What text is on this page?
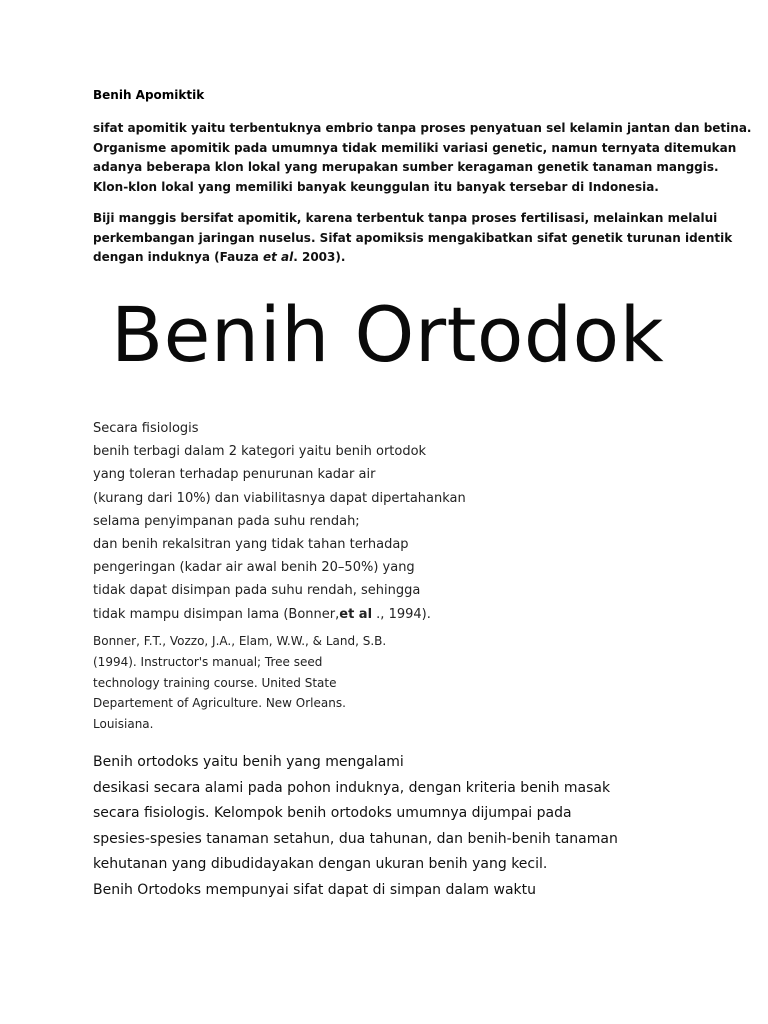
Benih Apomiktik

sifat apomitik yaitu terbentuknya embrio tanpa proses penyatuan sel kelamin jantan dan betina.

Organisme apomitik pada umumnya tidak memiliki variasi genetic, namun ternyata ditemukan

adanya beberapa klon lokal yang merupakan sumber keragaman genetik tanaman manggis.

Klon-klon lokal yang memiliki banyak keunggulan itu banyak tersebar di Indonesia.

Biji manggis bersifat apomitik, karena terbentuk tanpa proses fertilisasi, melainkan melalui

perkembangan jaringan nuselus. Sifat apomiksis mengakibatkan sifat genetik turunan identik

dengan induknya (Fauza et al. 2003).

Benih Ortodok

Secara fisiologis

benih terbagi dalam 2 kategori yaitu benih ortodok

yang toleran terhadap penurunan kadar air

(kurang dari 10%) dan viabilitasnya dapat dipertahankan

selama penyimpanan pada suhu rendah;

dan benih rekalsitran yang tidak tahan terhadap

pengeringan (kadar air awal benih 20–50%) yang

tidak dapat disimpan pada suhu rendah, sehingga

tidak mampu disimpan lama (Bonner,et al ., 1994).

Bonner, F.T., Vozzo, J.A., Elam, W.W., & Land, S.B.

(1994). Instructor's manual; Tree seed

technology training course. United State

Departement of Agriculture. New Orleans.

Louisiana.

Benih ortodoks yaitu benih yang mengalami

desikasi secara alami pada pohon induknya, dengan kriteria benih masak

secara fisiologis. Kelompok benih ortodoks umumnya dijumpai pada

spesies-spesies tanaman setahun, dua tahunan, dan benih-benih tanaman

kehutanan yang dibudidayakan dengan ukuran benih yang kecil.

Benih Ortodoks mempunyai sifat dapat di simpan dalam waktu
